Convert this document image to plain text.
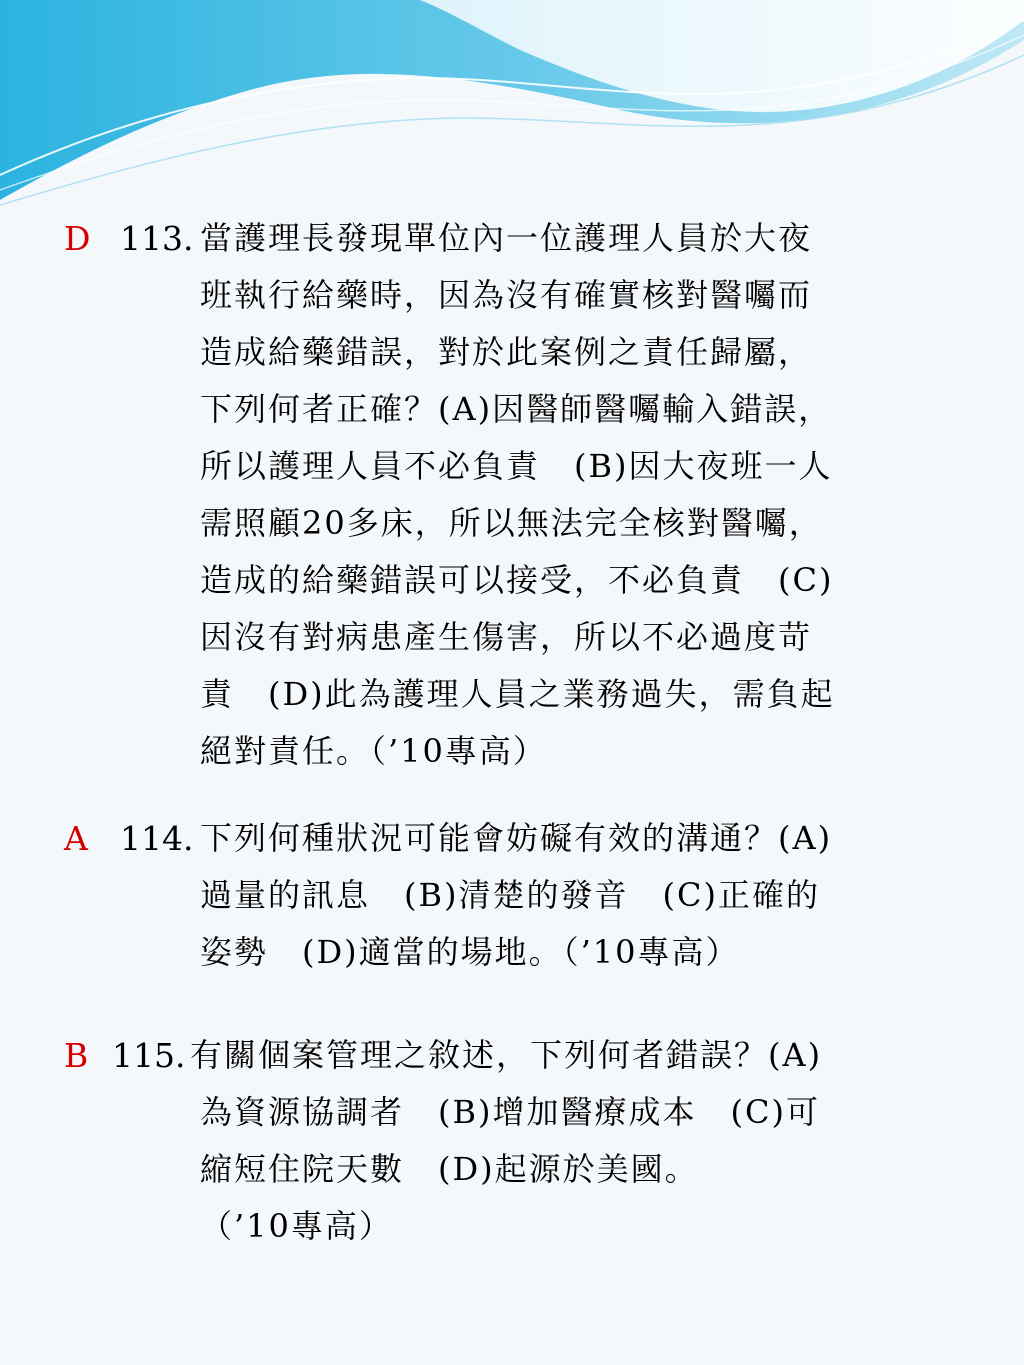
D 113. 當護理長發現單位內一位護理人員於大夜
班執行給藥時，因為沒有確實核對醫囑而
造成給藥錯誤，對於此案例之責任歸屬，
下列何者正確？(A)因醫師醫囑輸入錯誤，
所以護理人員不必負責　(B)因大夜班一人
需照顧20多床，所以無法完全核對醫囑，
造成的給藥錯誤可以接受，不必負責　(C)
因沒有對病患產生傷害，所以不必過度苛
責　(D)此為護理人員之業務過失，需負起
絕對責任。（’10專高）
A 114. 下列何種狀況可能會妨礙有效的溝通？(A)
過量的訊息　(B)清楚的發音　(C)正確的
姿勢　(D)適當的場地。（’10專高）
B 115. 有關個案管理之敘述，下列何者錯誤？(A)
為資源協調者　(B)增加醫療成本　(C)可
縮短住院天數　(D)起源於美國。
（’10專高）
